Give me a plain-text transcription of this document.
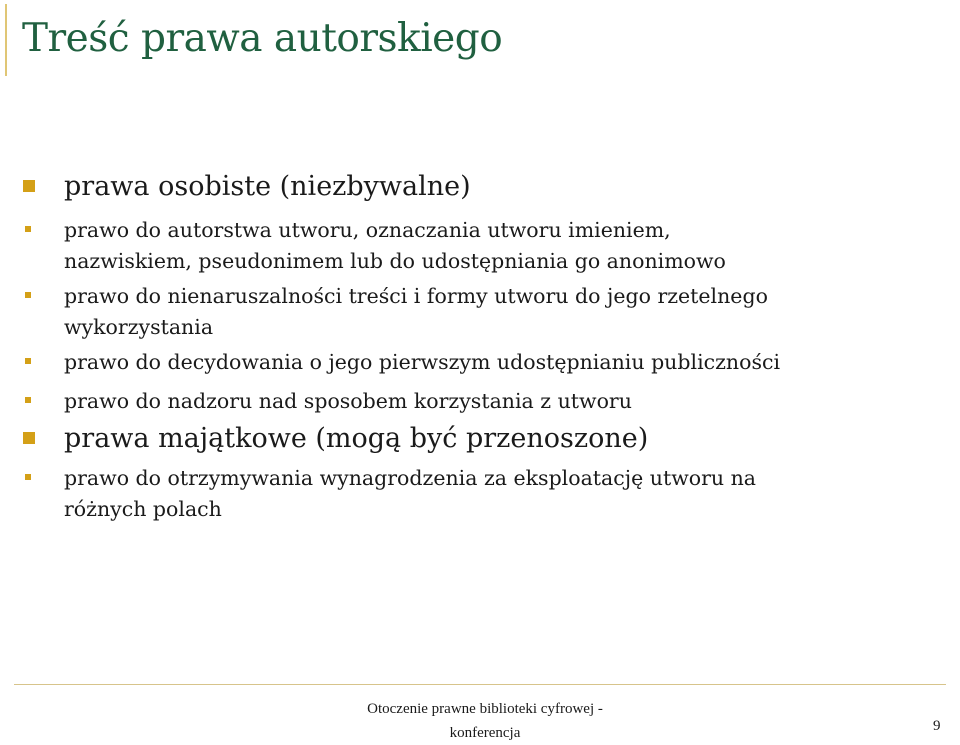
Treść prawa autorskiego
prawa osobiste (niezbywalne)
prawo do autorstwa utworu, oznaczania utworu imieniem,
nazwiskiem, pseudonimem lub do udostępniania go anonimowo
prawo do nienaruszalności treści i formy utworu do jego rzetelnego
wykorzystania
prawo do decydowania o jego pierwszym udostępnianiu publiczności
prawo do nadzoru nad sposobem korzystania z utworu
prawa majątkowe (mogą być przenoszone)
prawo do otrzymywania wynagrodzenia za eksploatację utworu na
różnych polach
Otoczenie prawne biblioteki cyfrowej -
konferencja	9
